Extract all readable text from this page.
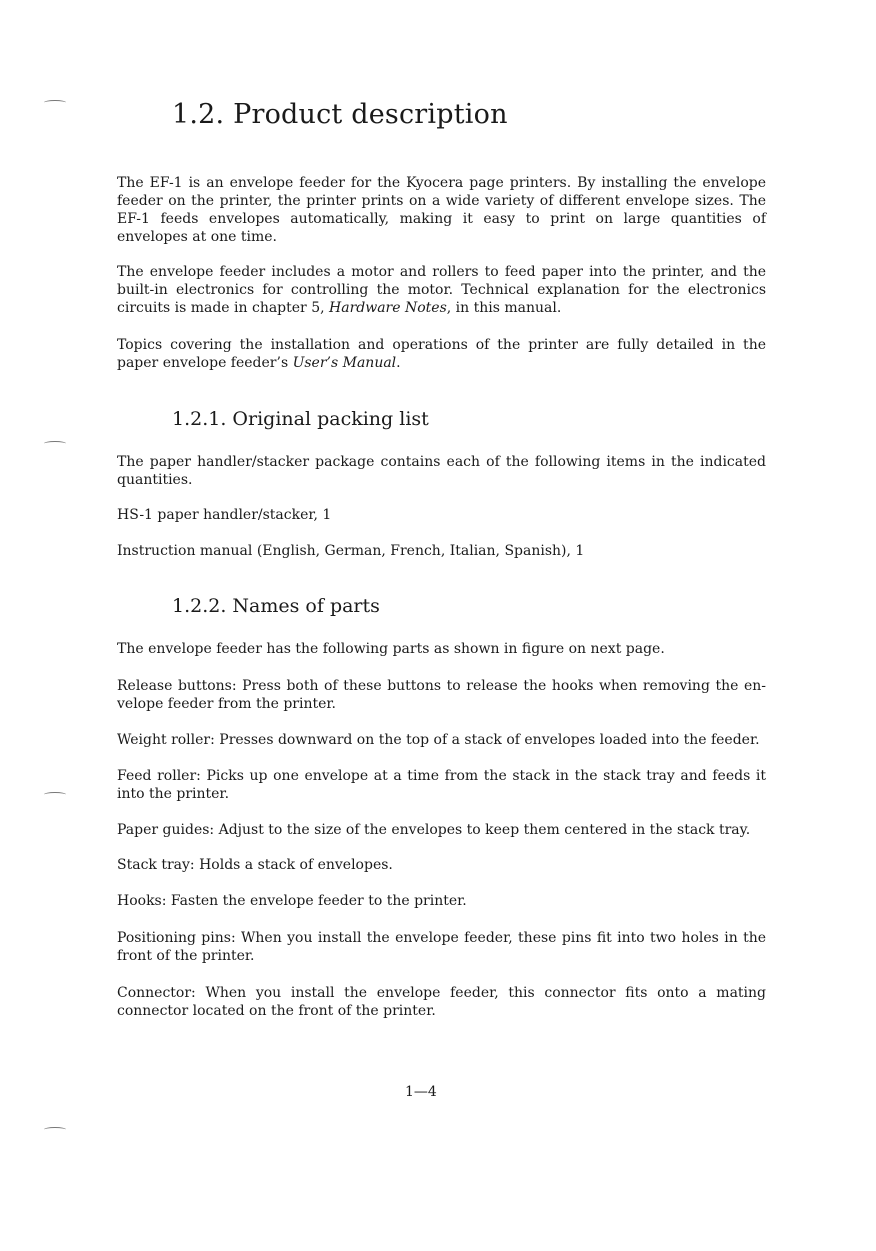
1.2. Product description

The EF-1 is an envelope feeder for the Kyocera page printers. By installing the envelope feeder on the printer, the printer prints on a wide variety of different envelope sizes. The EF-1 feeds envelopes automatically, making it easy to print on large quantities of envelopes at one time.

The envelope feeder includes a motor and rollers to feed paper into the printer, and the built-in electronics for controlling the motor. Technical explanation for the electronics circuits is made in chapter 5, Hardware Notes, in this manual.

Topics covering the installation and operations of the printer are fully detailed in the paper envelope feeder’s User’s Manual.

1.2.1. Original packing list

The paper handler/stacker package contains each of the following items in the indicated quantities.

HS-1 paper handler/stacker, 1

Instruction manual (English, German, French, Italian, Spanish), 1

1.2.2. Names of parts

The envelope feeder has the following parts as shown in figure on next page.

Release buttons: Press both of these buttons to release the hooks when removing the en-velope feeder from the printer.

Weight roller: Presses downward on the top of a stack of envelopes loaded into the feeder.

Feed roller: Picks up one envelope at a time from the stack in the stack tray and feeds it into the printer.

Paper guides: Adjust to the size of the envelopes to keep them centered in the stack tray.

Stack tray: Holds a stack of envelopes.

Hooks: Fasten the envelope feeder to the printer.

Positioning pins: When you install the envelope feeder, these pins fit into two holes in the front of the printer.

Connector: When you install the envelope feeder, this connector fits onto a mating connector located on the front of the printer.

1—4
